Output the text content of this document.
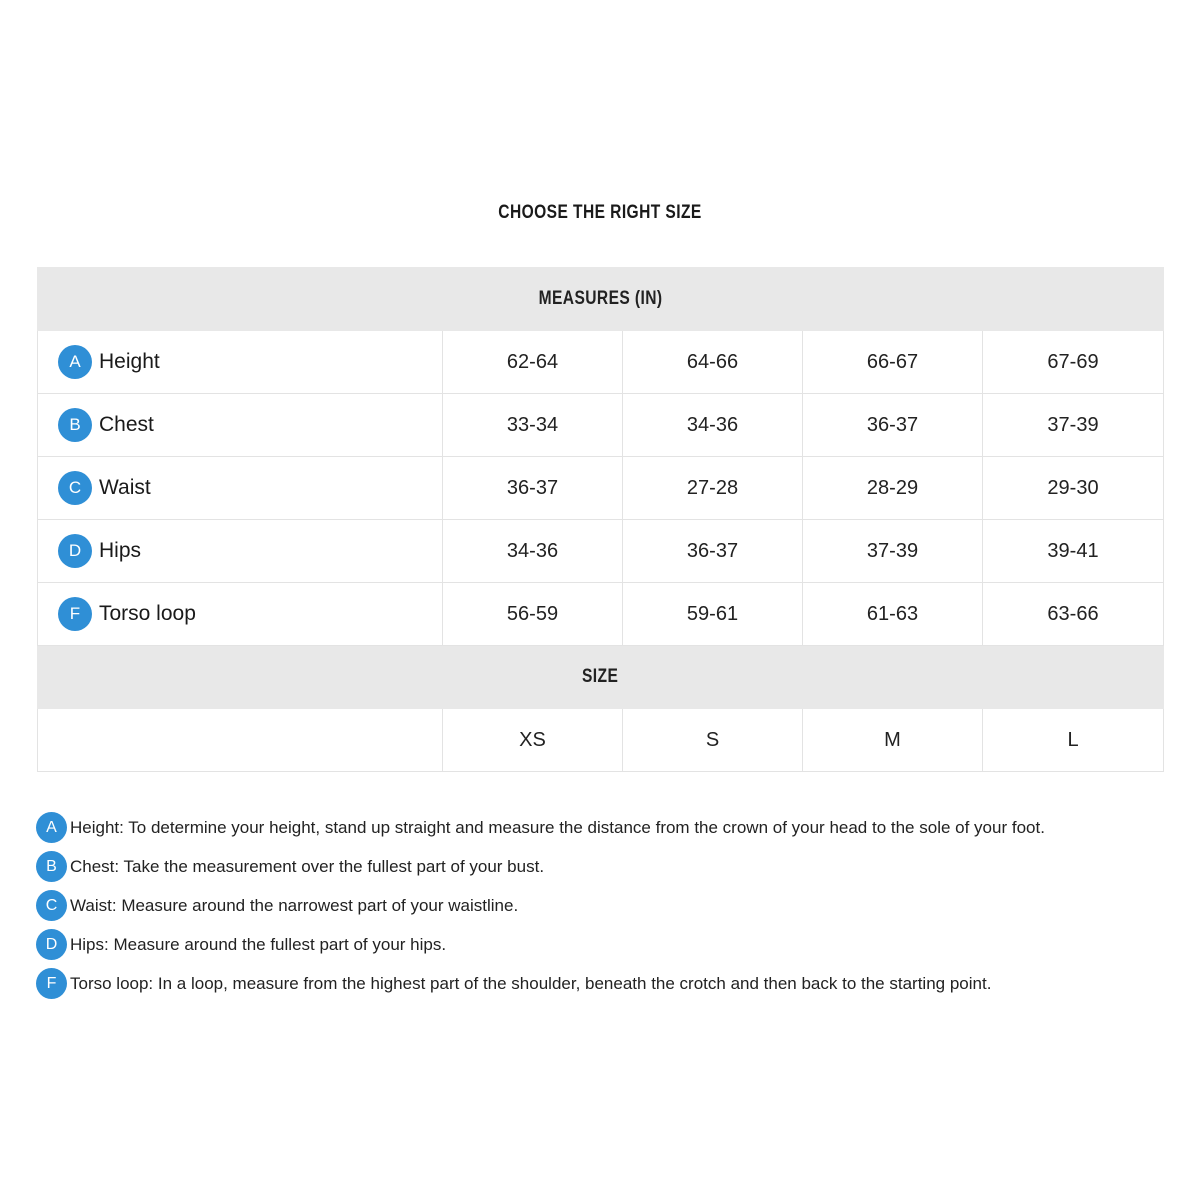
CHOOSE THE RIGHT SIZE
MEASURES (IN)				
A Height	62-64	64-66	66-67	67-69
B Chest	33-34	34-36	36-37	37-39
C Waist	36-37	27-28	28-29	29-30
D Hips	34-36	36-37	37-39	39-41
F Torso loop	56-59	59-61	61-63	63-66
SIZE				
	XS	S	M	L
A Height: To determine your height, stand up straight and measure the distance from the crown of your head to the sole of your foot.
B Chest: Take the measurement over the fullest part of your bust.
C Waist: Measure around the narrowest part of your waistline.
D Hips: Measure around the fullest part of your hips.
F Torso loop: In a loop, measure from the highest part of the shoulder, beneath the crotch and then back to the starting point.
